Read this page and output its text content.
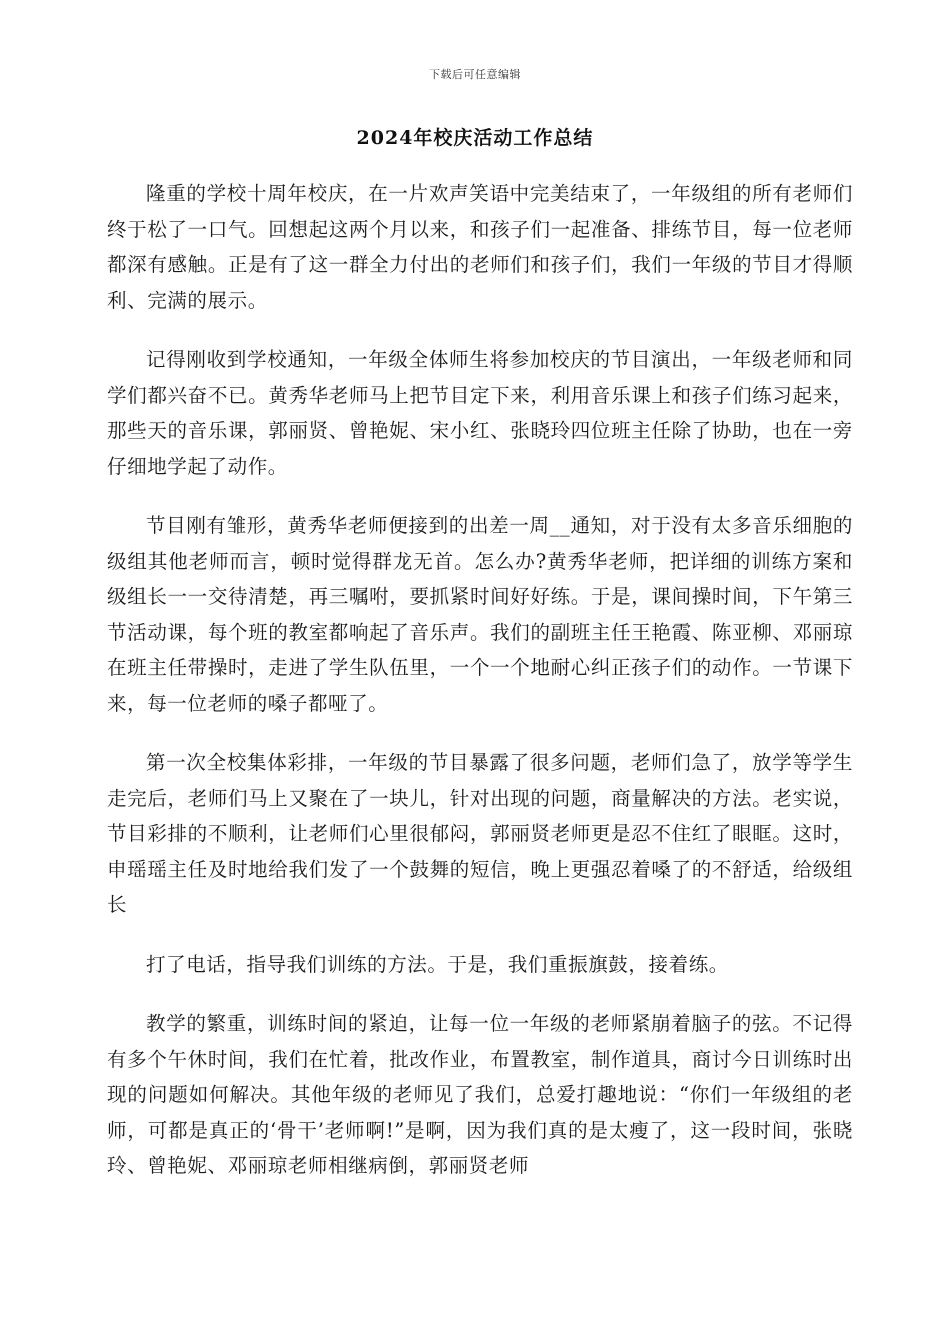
下载后可任意编辑
2024年校庆活动工作总结

隆重的学校十周年校庆，在一片欢声笑语中完美结束了，一年级组的所有老师们终于松了一口气。回想起这两个月以来，和孩子们一起准备、排练节目，每一位老师都深有感触。正是有了这一群全力付出的老师们和孩子们，我们一年级的节目才得顺利、完满的展示。

记得刚收到学校通知，一年级全体师生将参加校庆的节目演出，一年级老师和同学们都兴奋不已。黄秀华老师马上把节目定下来，利用音乐课上和孩子们练习起来，那些天的音乐课，郭丽贤、曾艳妮、宋小红、张晓玲四位班主任除了协助，也在一旁仔细地学起了动作。

节目刚有雏形，黄秀华老师便接到的出差一周__通知，对于没有太多音乐细胞的级组其他老师而言，顿时觉得群龙无首。怎么办?黄秀华老师，把详细的训练方案和级组长一一交待清楚，再三嘱咐，要抓紧时间好好练。于是，课间操时间，下午第三节活动课，每个班的教室都响起了音乐声。我们的副班主任王艳霞、陈亚柳、邓丽琼在班主任带操时，走进了学生队伍里，一个一个地耐心纠正孩子们的动作。一节课下来，每一位老师的嗓子都哑了。

第一次全校集体彩排，一年级的节目暴露了很多问题，老师们急了，放学等学生走完后，老师们马上又聚在了一块儿，针对出现的问题，商量解决的方法。老实说，节目彩排的不顺利，让老师们心里很郁闷，郭丽贤老师更是忍不住红了眼眶。这时，申瑶瑶主任及时地给我们发了一个鼓舞的短信，晚上更强忍着嗓了的不舒适，给级组长

打了电话，指导我们训练的方法。于是，我们重振旗鼓，接着练。

教学的繁重，训练时间的紧迫，让每一位一年级的老师紧崩着脑子的弦。不记得有多个午休时间，我们在忙着，批改作业，布置教室，制作道具，商讨今日训练时出现的问题如何解决。其他年级的老师见了我们，总爱打趣地说：“你们一年级组的老师，可都是真正的‘骨干’老师啊!”是啊，因为我们真的是太瘦了，这一段时间，张晓玲、曾艳妮、邓丽琼老师相继病倒，郭丽贤老师
